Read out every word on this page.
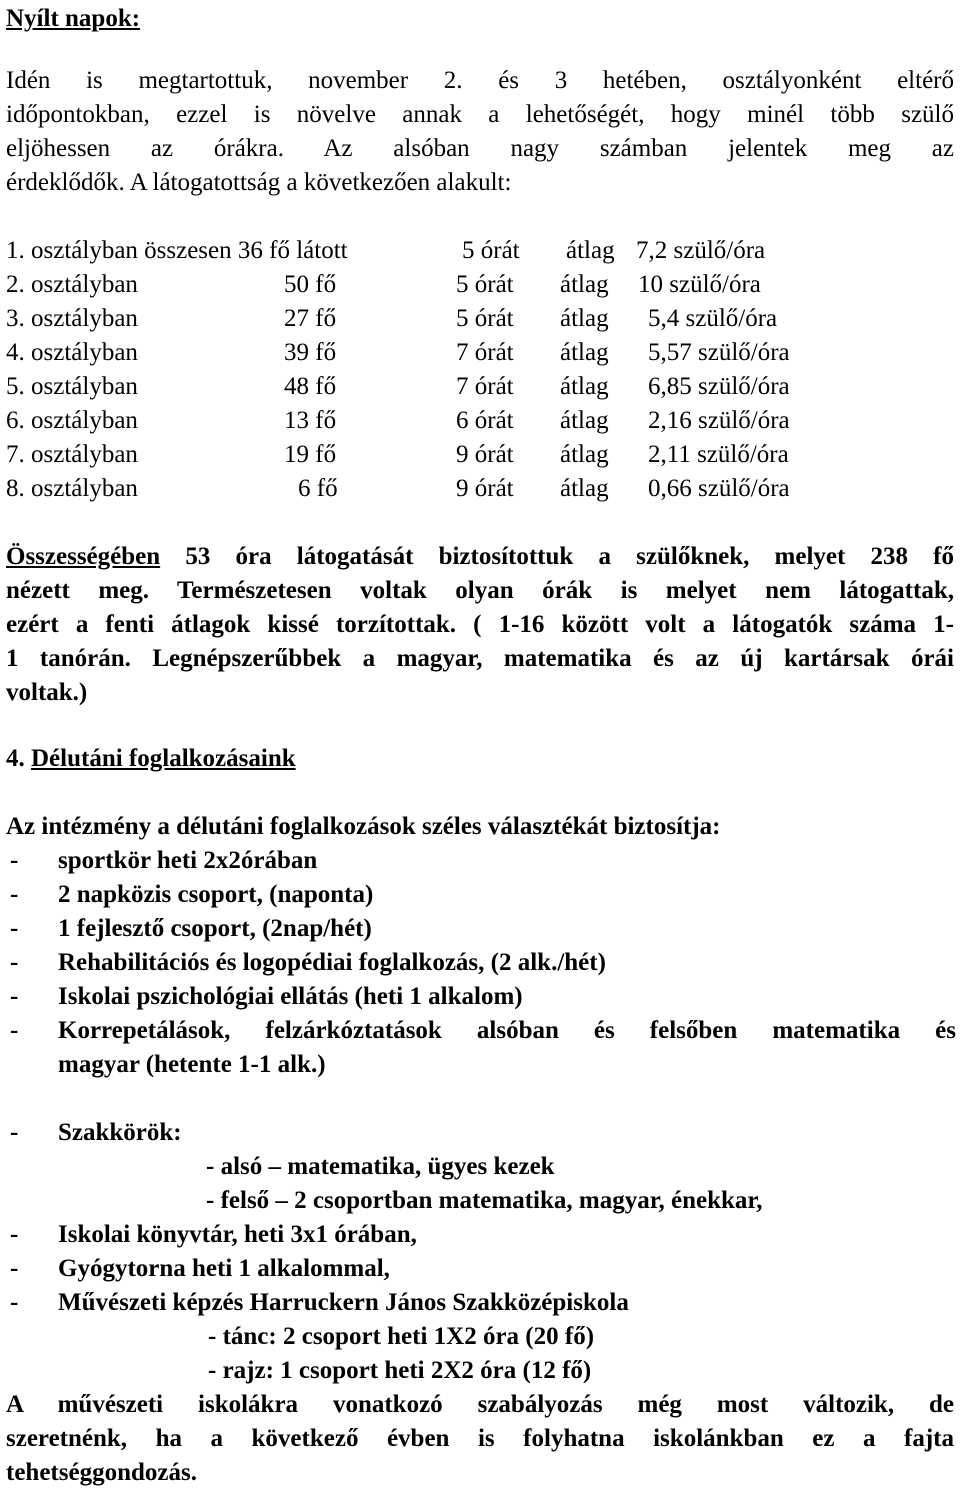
Nyílt napok:
Idén is megtartottuk, november 2. és 3 hetében, osztályonként eltérő
időpontokban, ezzel is növelve annak a lehetőségét, hogy minél több szülő
eljöhessen az órákra. Az alsóban nagy számban jelentek meg az
érdeklődők. A látogatottság a következően alakult:
1. osztályban összesen 36 fő látott	5 órát átlag 7,2 szülő/óra
2. osztályban	50 fő	5 órát átlag 10 szülő/óra
3. osztályban	27 fő	5 órát átlag 5,4 szülő/óra
4. osztályban	39 fő	7 órát átlag 5,57 szülő/óra
5. osztályban	48 fő	7 órát átlag 6,85 szülő/óra
6. osztályban	13 fő	6 órát átlag 2,16 szülő/óra
7. osztályban	19 fő	9 órát átlag 2,11 szülő/óra
8. osztályban	6 fő	9 órát átlag 0,66 szülő/óra
Összességében 53 óra látogatását biztosítottuk a szülőknek, melyet 238 fő
nézett meg. Természetesen voltak olyan órák is melyet nem látogattak,
ezért a fenti átlagok kissé torzítottak. ( 1-16 között volt a látogatók száma 1-
1 tanórán. Legnépszerűbbek a magyar, matematika és az új kartársak órái
voltak.)
4. Délutáni foglalkozásaink
Az intézmény a délutáni foglalkozások széles választékát biztosítja:
- sportkör heti 2x2órában
- 2 napközis csoport, (naponta)
- 1 fejlesztő csoport, (2nap/hét)
- Rehabilitációs és logopédiai foglalkozás, (2 alk./hét)
- Iskolai pszichológiai ellátás (heti 1 alkalom)
- Korrepetálások, felzárkóztatások alsóban és felsőben matematika és
magyar (hetente 1-1 alk.)
- Szakkörök:
- alsó – matematika, ügyes kezek
- felső – 2 csoportban matematika, magyar, énekkar,
- Iskolai könyvtár, heti 3x1 órában,
- Gyógytorna heti 1 alkalommal,
- Művészeti képzés Harruckern János Szakközépiskola
- tánc: 2 csoport heti 1X2 óra (20 fő)
- rajz: 1 csoport heti 2X2 óra (12 fő)
A művészeti iskolákra vonatkozó szabályozás még most változik, de
szeretnénk, ha a következő évben is folyhatna iskolánkban ez a fajta
tehetséggondozás.
